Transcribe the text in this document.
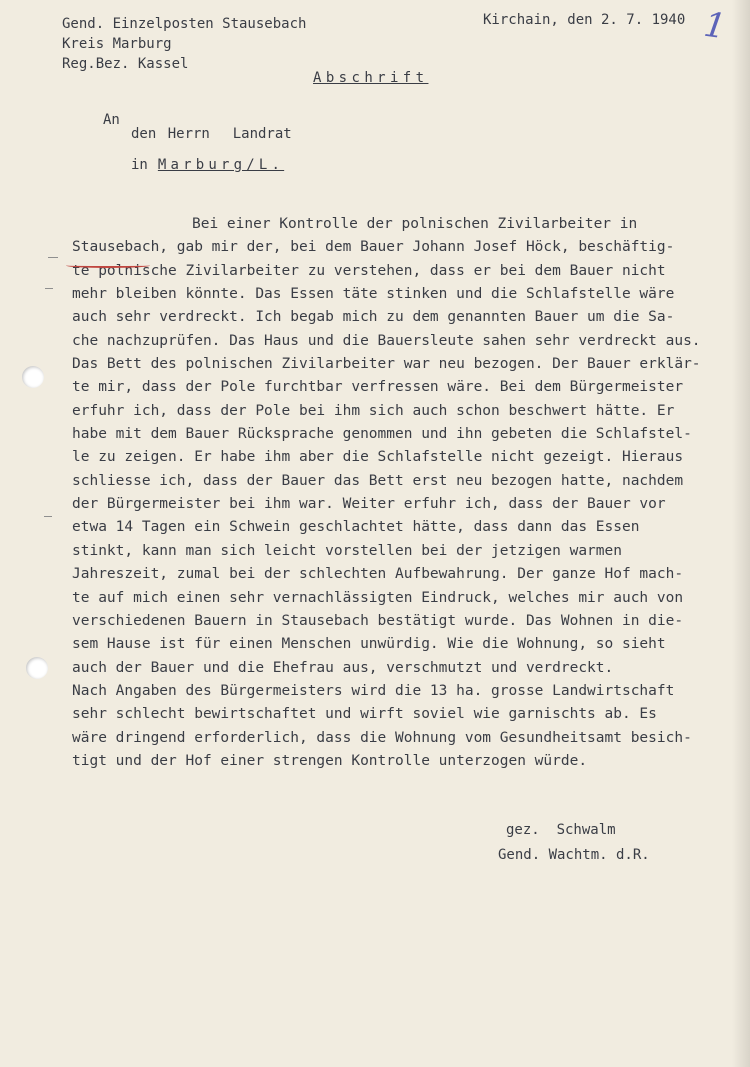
Gend. Einzelposten Stausebach
Kreis Marburg
Reg.Bez. Kassel
Kirchain, den 2. 7. 1940 1
Abschrift
An
den Herrn  Landrat
in Marburg/L.
Bei einer Kontrolle der polnischen Zivilarbeiter in
Stausebach, gab mir der, bei dem Bauer Johann Josef Höck, beschäftig-
te polnische Zivilarbeiter zu verstehen, dass er bei dem Bauer nicht
mehr bleiben könnte. Das Essen täte stinken und die Schlafstelle wäre
auch sehr verdreckt. Ich begab mich zu dem genannten Bauer um die Sa-
che nachzuprüfen. Das Haus und die Bauersleute sahen sehr verdreckt aus.
Das Bett des polnischen Zivilarbeiter war neu bezogen. Der Bauer erklär-
te mir, dass der Pole furchtbar verfressen wäre. Bei dem Bürgermeister
erfuhr ich, dass der Pole bei ihm sich auch schon beschwert hätte. Er
habe mit dem Bauer Rücksprache genommen und ihn gebeten die Schlafstel-
le zu zeigen. Er habe ihm aber die Schlafstelle nicht gezeigt. Hieraus
schliesse ich, dass der Bauer das Bett erst neu bezogen hatte, nachdem
der Bürgermeister bei ihm war. Weiter erfuhr ich, dass der Bauer vor
etwa 14 Tagen ein Schwein geschlachtet hätte, dass dann das Essen
stinkt, kann man sich leicht vorstellen bei der jetzigen warmen
Jahreszeit, zumal bei der schlechten Aufbewahrung. Der ganze Hof mach-
te auf mich einen sehr vernachlässigten Eindruck, welches mir auch von
verschiedenen Bauern in Stausebach bestätigt wurde. Das Wohnen in die-
sem Hause ist für einen Menschen unwürdig. Wie die Wohnung, so sieht
auch der Bauer und die Ehefrau aus, verschmutzt und verdreckt.
Nach Angaben des Bürgermeisters wird die 13 ha. grosse Landwirtschaft
sehr schlecht bewirtschaftet und wirft soviel wie garnischts ab. Es
wäre dringend erforderlich, dass die Wohnung vom Gesundheitsamt besich-
tigt und der Hof einer strengen Kontrolle unterzogen würde.
gez.  Schwalm
Gend. Wachtm. d.R.
